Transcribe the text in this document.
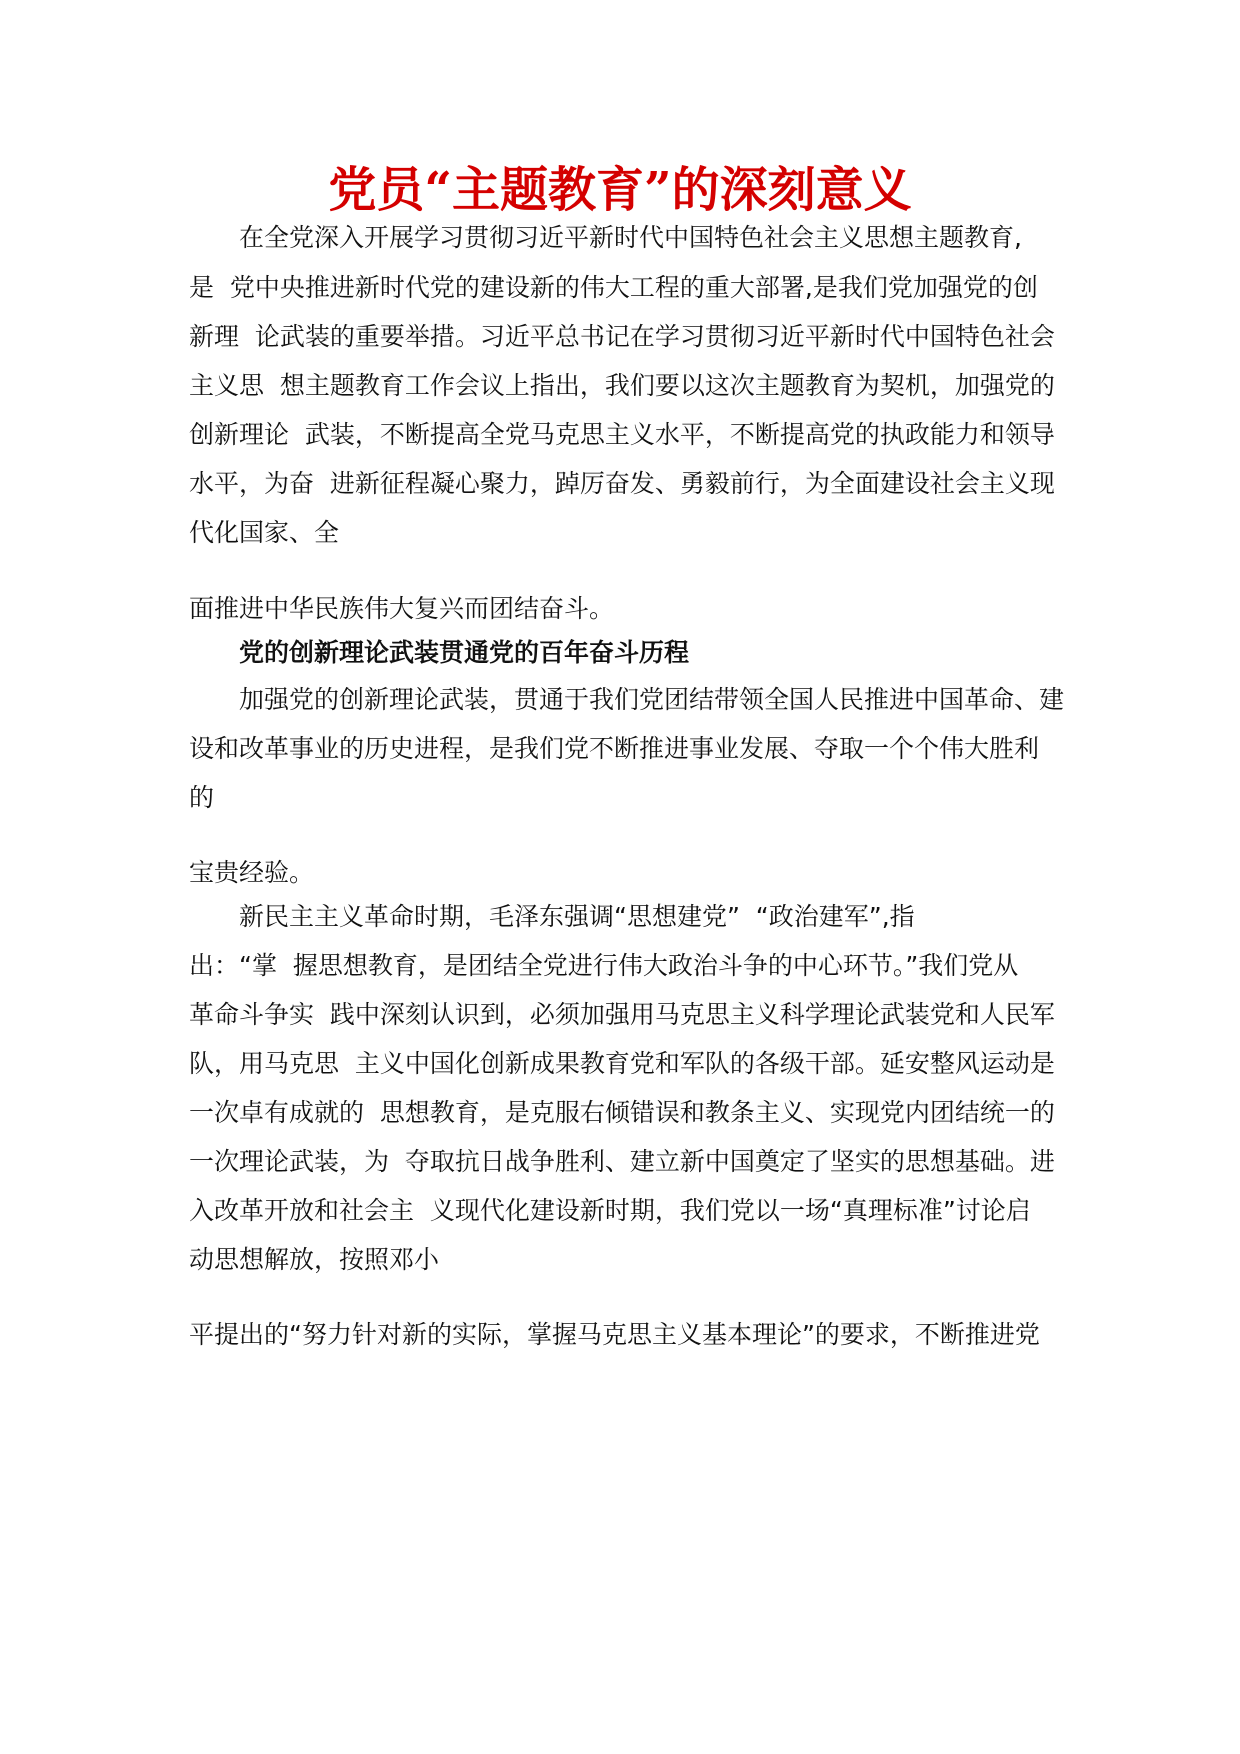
党员“主题教育”的深刻意义

在全党深入开展学习贯彻习近平新时代中国特色社会主义思想主题教育,

是  党中央推进新时代党的建设新的伟大工程的重大部署,是我们党加强党的创

新理  论武装的重要举措。习近平总书记在学习贯彻习近平新时代中国特色社会

主义思  想主题教育工作会议上指出，我们要以这次主题教育为契机，加强党的

创新理论  武装，不断提高全党马克思主义水平，不断提高党的执政能力和领导

水平，为奋  进新征程凝心聚力，踔厉奋发、勇毅前行，为全面建设社会主义现

代化国家、全

面推进中华民族伟大复兴而团结奋斗。

党的创新理论武装贯通党的百年奋斗历程

加强党的创新理论武装，贯通于我们党团结带领全国人民推进中国革命、建

设和改革事业的历史进程，是我们党不断推进事业发展、夺取一个个伟大胜利

的

宝贵经验。

新民主主义革命时期，毛泽东强调“思想建党”  “政治建军”,指

出：“掌  握思想教育，是团结全党进行伟大政治斗争的中心环节。”我们党从

革命斗争实  践中深刻认识到，必须加强用马克思主义科学理论武装党和人民军

队，用马克思  主义中国化创新成果教育党和军队的各级干部。延安整风运动是

一次卓有成就的  思想教育，是克服右倾错误和教条主义、实现党内团结统一的

一次理论武装，为  夺取抗日战争胜利、建立新中国奠定了坚实的思想基础。进

入改革开放和社会主  义现代化建设新时期，我们党以一场“真理标准”讨论启

动思想解放，按照邓小

平提出的“努力针对新的实际，掌握马克思主义基本理论”的要求，不断推进党
